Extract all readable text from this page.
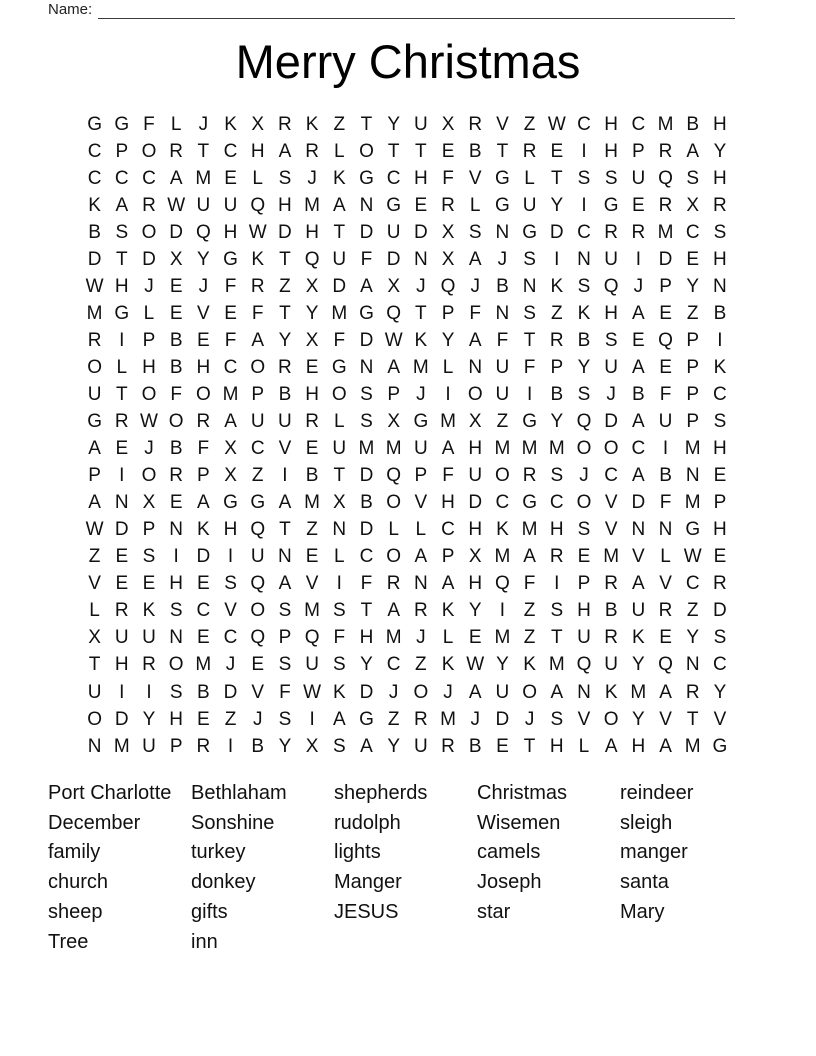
Name:
Merry Christmas
G G F L J K X R K Z T Y U X R V Z W C H C M B H
C P O R T C H A R L O T T E B T R E I H P R A Y
C C C A M E L S J K G C H F V G L T S S U Q S H
K A R W U U Q H M A N G E R L G U Y I G E R X R
B S O D Q H W D H T D U D X S N G D C R R M C S
D T D X Y G K T Q U F D N X A J S I N U I D E H
W H J E J F R Z X D A X J Q J B N K S Q J P Y N
M G L E V E F T Y M G Q T P F N S Z K H A E Z B
R I P B E F A Y X F D W K Y A F T R B S E Q P I
O L H B H C O R E G N A M L N U F P Y U A E P K
U T O F O M P B H O S P J	I O U I B S J B F P C
G R W O R A U U R L S X G M X Z G Y Q D A U P S
A E J B F X C V E U M M U A H M M M O O C I M H
P I O R P X Z I B T D Q P F U O R S J C A B N E
A N X E A G G A M X B O V H D C G C O V D F M P
W D P N K H Q T Z N D L L C H K M H S V N N G H
Z E S I D I U N E L C O A P X M A R E M V L W E
V E E H E S Q A V I F R N A H Q F I P R A V C R
L R K S C V O S M S T A R K Y I Z S H B U R Z D
X U U N E C Q P Q F H M J L E M Z T U R K E Y S
T H R O M J E S U S Y C Z K W Y K M Q U Y Q N C
U I	I S B D V F W K D J O J A U O A N K M A R Y
O D Y H E Z J S I A G Z R M J D J S V O Y V T V
N M U P R I B Y X S A Y U R B E T H L A H A M G
Port Charlotte
December
family
church
sheep
Tree
Bethlaham
Sonshine
turkey
donkey
gifts
inn
shepherds
rudolph
lights
Manger
JESUS
Christmas
Wisemen
camels
Joseph
star
reindeer
sleigh
manger
santa
Mary
